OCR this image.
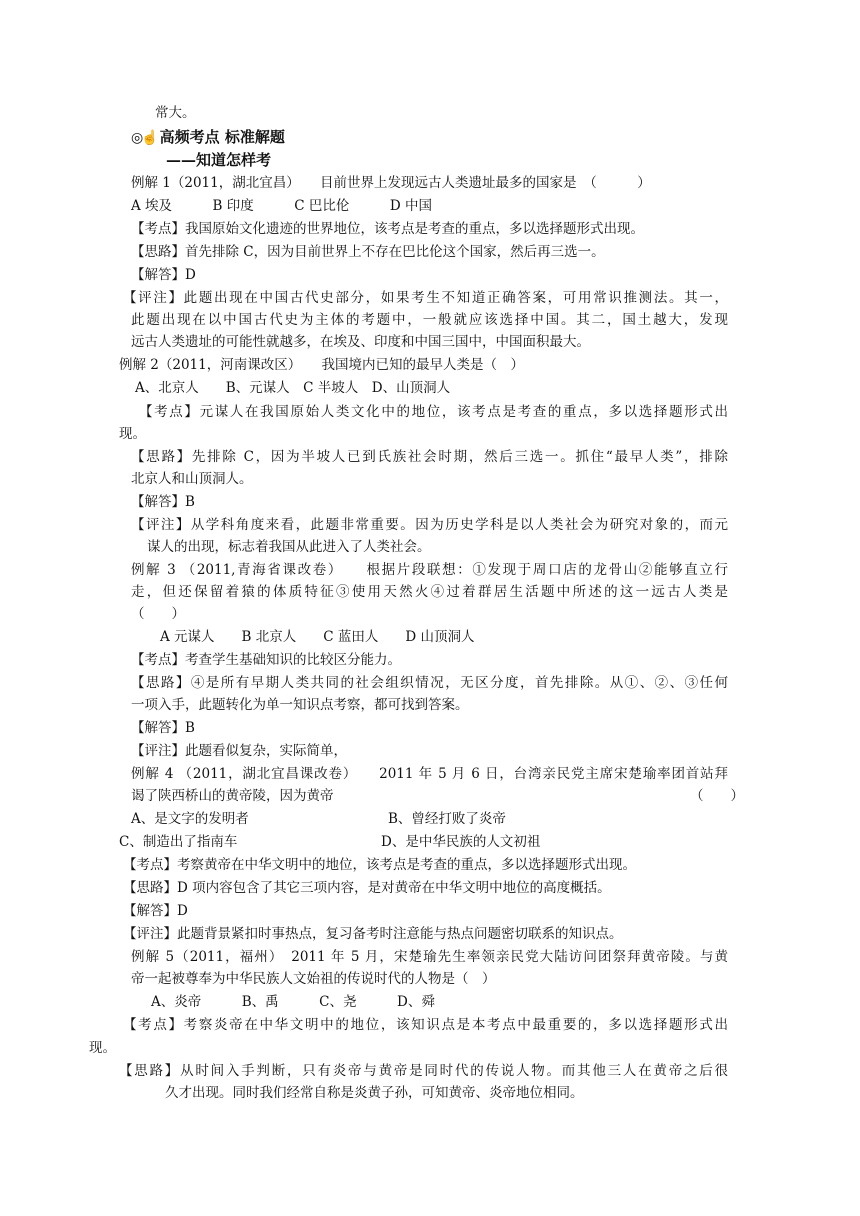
常大。
◎☝ 高频考点 标准解题
——知道怎样考
例解 1（2011，湖北宜昌）　　目前世界上发现远古人类遗址最多的国家是　（　　　）
A 埃及　　　B 印度　　　C 巴比伦　　　D 中国
【考点】我国原始文化遗迹的世界地位，该考点是考查的重点，多以选择题形式出现。
【思路】首先排除 C，因为目前世界上不存在巴比伦这个国家，然后再三选一。
【解答】D
【评注】此题出现在中国古代史部分，如果考生不知道正确答案，可用常识推测法。其一，
此题出现在以中国古代史为主体的考题中，一般就应该选择中国。其二，国土越大，发现
远古人类遗址的可能性就越多，在埃及、印度和中国三国中，中国面积最大。
例解 2（2011，河南课改区）　　我国境内已知的最早人类是（　）
A、北京人　　B、元谋人　C 半坡人　D、山顶洞人
【考点】元谋人在我国原始人类文化中的地位，该考点是考查的重点，多以选择题形式出
现。
【思路】先排除 C，因为半坡人已到氏族社会时期，然后三选一。抓住“最早人类”，排除
北京人和山顶洞人。
【解答】B
【评注】从学科角度来看，此题非常重要。因为历史学科是以人类社会为研究对象的，而元
谋人的出现，标志着我国从此进入了人类社会。
例解 3 （2011,青海省课改卷）　　根据片段联想：①发现于周口店的龙骨山②能够直立行
走，但还保留着猿的体质特征③使用天然火④过着群居生活题中所述的这一远古人类是
（　　）
A 元谋人　　B 北京人　　C 蓝田人　　D 山顶洞人
【考点】考查学生基础知识的比较区分能力。
【思路】④是所有早期人类共同的社会组织情况，无区分度，首先排除。从①、②、③任何
一项入手，此题转化为单一知识点考察，都可找到答案。
【解答】B
【评注】此题看似复杂，实际简单，
例解 4 （2011，湖北宜昌课改卷）　　2011 年 5 月 6 日，台湾亲民党主席宋楚瑜率团首站拜
谒了陕西桥山的黄帝陵，因为黄帝	（　　）
A、是文字的发明者	B、曾经打败了炎帝
C、制造出了指南车	D、是中华民族的人文初祖
【考点】考察黄帝在中华文明中的地位，该考点是考查的重点，多以选择题形式出现。
【思路】D 项内容包含了其它三项内容，是对黄帝在中华文明中地位的高度概括。
【解答】D
【评注】此题背景紧扣时事热点，复习备考时注意能与热点问题密切联系的知识点。
例解 5（2011，福州）　2011 年 5 月，宋楚瑜先生率领亲民党大陆访问团祭拜黄帝陵。与黄
帝一起被尊奉为中华民族人文始祖的传说时代的人物是（　）
A、炎帝　　　B、禹　　　C、尧　　　D、舜
【考点】考察炎帝在中华文明中的地位，该知识点是本考点中最重要的，多以选择题形式出
现。
【思路】从时间入手判断，只有炎帝与黄帝是同时代的传说人物。而其他三人在黄帝之后很
久才出现。同时我们经常自称是炎黄子孙，可知黄帝、炎帝地位相同。
